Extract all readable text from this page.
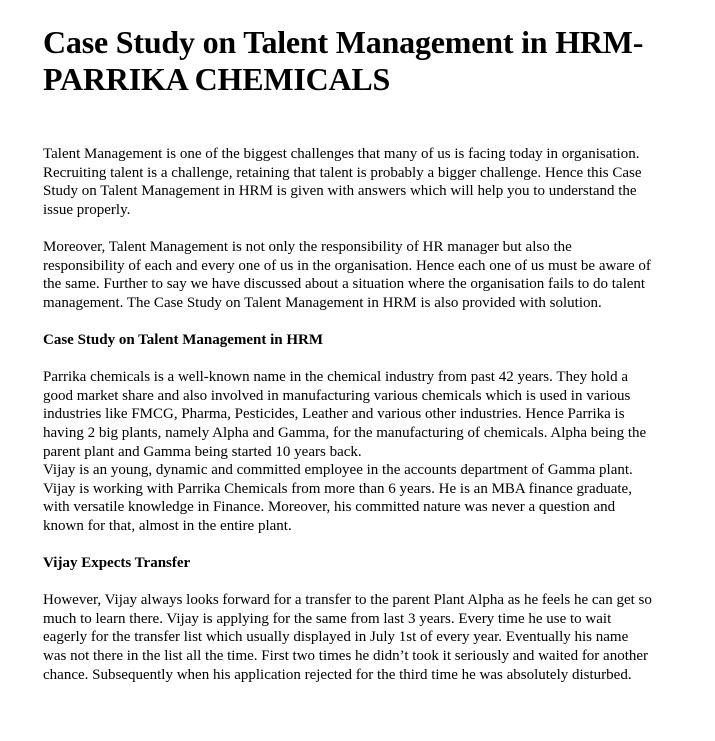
Case Study on Talent Management in HRM- PARRIKA CHEMICALS

Talent Management is one of the biggest challenges that many of us is facing today in organisation. Recruiting talent is a challenge, retaining that talent is probably a bigger challenge. Hence this Case Study on Talent Management in HRM is given with answers which will help you to understand the issue properly.

Moreover, Talent Management is not only the responsibility of HR manager but also the responsibility of each and every one of us in the organisation. Hence each one of us must be aware of the same. Further to say we have discussed about a situation where the organisation fails to do talent management. The Case Study on Talent Management in HRM is also provided with solution.

Case Study on Talent Management in HRM

Parrika chemicals is a well-known name in the chemical industry from past 42 years. They hold a good market share and also involved in manufacturing various chemicals which is used in various industries like FMCG, Pharma, Pesticides, Leather and various other industries. Hence Parrika is having 2 big plants, namely Alpha and Gamma, for the manufacturing of chemicals. Alpha being the parent plant and Gamma being started 10 years back.

Vijay is an young, dynamic and committed employee in the accounts department of Gamma plant. Vijay is working with Parrika Chemicals from more than 6 years. He is an MBA finance graduate, with versatile knowledge in Finance. Moreover, his committed nature was never a question and known for that, almost in the entire plant.

Vijay Expects Transfer

However, Vijay always looks forward for a transfer to the parent Plant Alpha as he feels he can get so much to learn there. Vijay is applying for the same from last 3 years. Every time he use to wait eagerly for the transfer list which usually displayed in July 1st of every year. Eventually his name was not there in the list all the time. First two times he didn’t took it seriously and waited for another chance. Subsequently when his application rejected for the third time he was absolutely disturbed.
